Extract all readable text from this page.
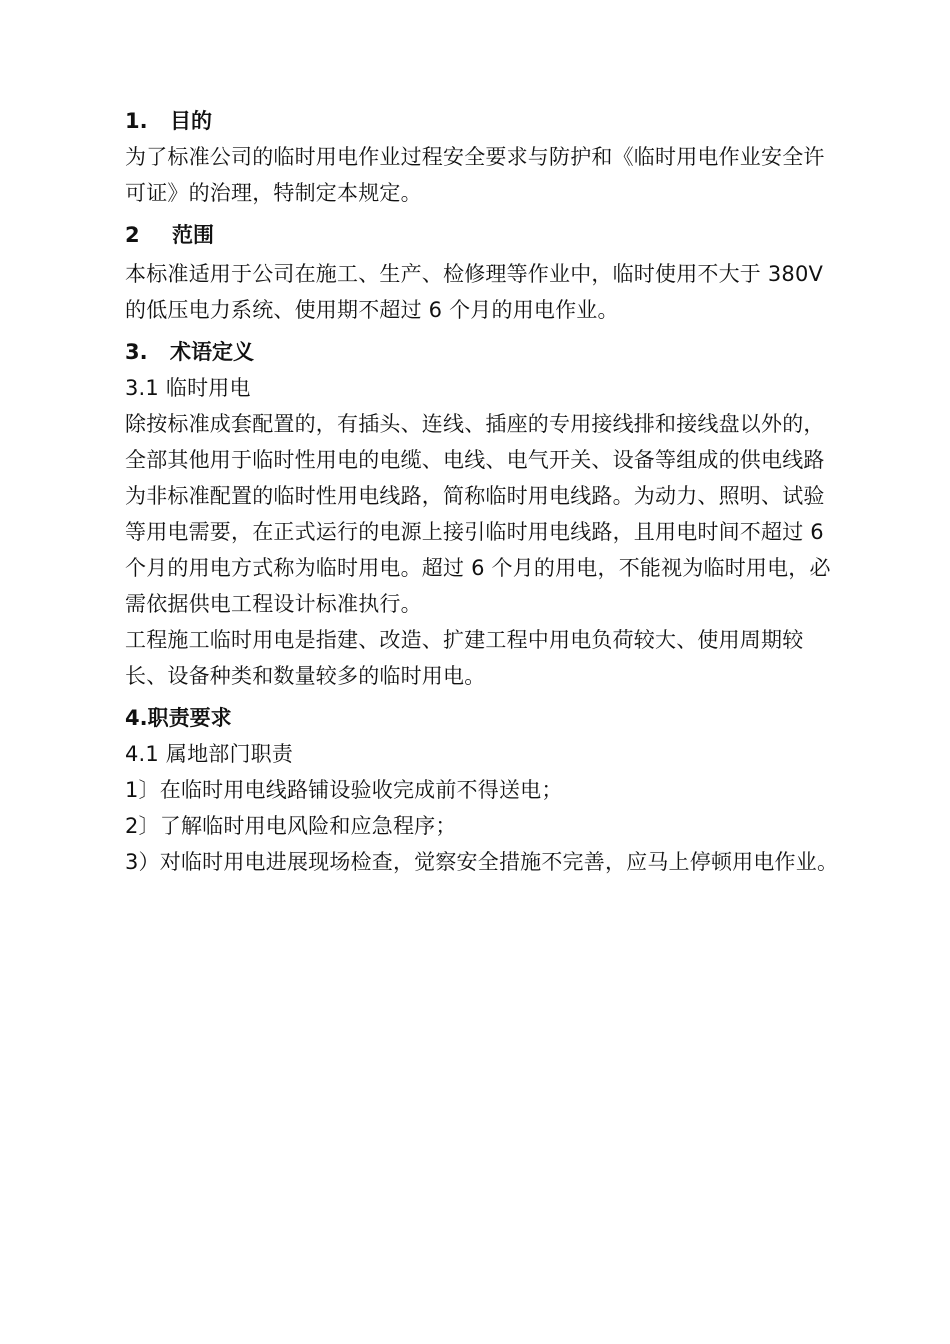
1. 目的

为了标准公司的临时用电作业过程安全要求与防护和《临时用电作业安全许可证》的治理，特制定本规定。

2 范围

本标准适用于公司在施工、生产、检修理等作业中，临时使用不大于 380V 的低压电力系统、使用期不超过 6 个月的用电作业。

3. 术语定义

3.1 临时用电

除按标准成套配置的，有插头、连线、插座的专用接线排和接线盘以外的，全部其他用于临时性用电的电缆、电线、电气开关、设备等组成的供电线路为非标准配置的临时性用电线路，简称临时用电线路。为动力、照明、试验等用电需要，在正式运行的电源上接引临时用电线路，且用电时间不超过 6 个月的用电方式称为临时用电。超过 6 个月的用电，不能视为临时用电，必需依据供电工程设计标准执行。

工程施工临时用电是指建、改造、扩建工程中用电负荷较大、使用周期较长、设备种类和数量较多的临时用电。

4.职责要求

4.1 属地部门职责

1〕在临时用电线路铺设验收完成前不得送电；

2〕了解临时用电风险和应急程序；

3）对临时用电进展现场检查，觉察安全措施不完善，应马上停顿用电作业。
